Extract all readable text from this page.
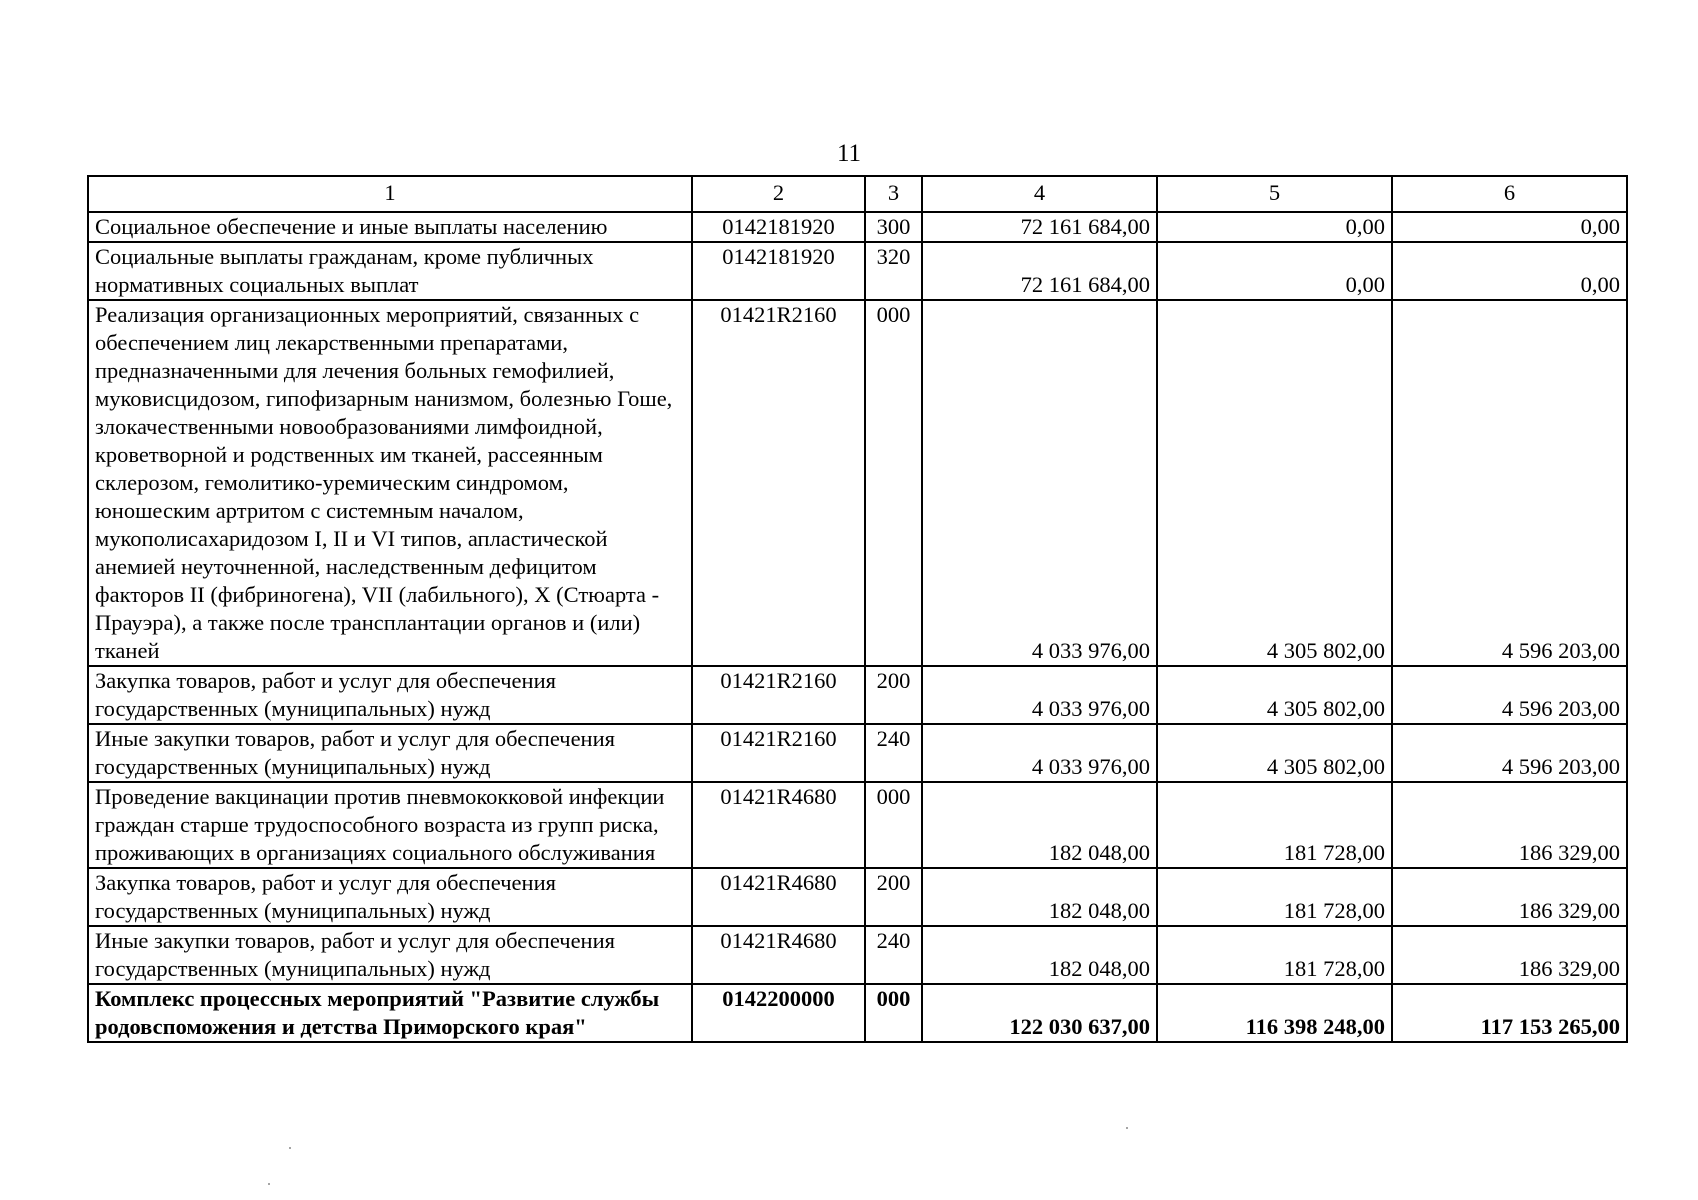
11
1	2	3	4	5	6
Социальное обеспечение и иные выплаты населению	0142181920	300	72 161 684,00	0,00	0,00
Социальные выплаты гражданам, кроме публичных нормативных социальных выплат	0142181920	320	72 161 684,00	0,00	0,00
Реализация организационных мероприятий, связанных с обеспечением лиц лекарственными препаратами, предназначенными для лечения больных гемофилией, муковисцидозом, гипофизарным нанизмом, болезнью Гоше, злокачественными новообразованиями лимфоидной, кроветворной и родственных им тканей, рассеянным склерозом, гемолитико-уремическим синдромом, юношеским артритом с системным началом, мукополисахаридозом I, II и VI типов, апластической анемией неуточненной, наследственным дефицитом факторов II (фибриногена), VII (лабильного), X (Стюарта - Прауэра), а также после трансплантации органов и (или) тканей	01421R2160	000	4 033 976,00	4 305 802,00	4 596 203,00
Закупка товаров, работ и услуг для обеспечения государственных (муниципальных) нужд	01421R2160	200	4 033 976,00	4 305 802,00	4 596 203,00
Иные закупки товаров, работ и услуг для обеспечения государственных (муниципальных) нужд	01421R2160	240	4 033 976,00	4 305 802,00	4 596 203,00
Проведение вакцинации против пневмококковой инфекции граждан старше трудоспособного возраста из групп риска, проживающих в организациях социального обслуживания	01421R4680	000	182 048,00	181 728,00	186 329,00
Закупка товаров, работ и услуг для обеспечения государственных (муниципальных) нужд	01421R4680	200	182 048,00	181 728,00	186 329,00
Иные закупки товаров, работ и услуг для обеспечения государственных (муниципальных) нужд	01421R4680	240	182 048,00	181 728,00	186 329,00
Комплекс процессных мероприятий "Развитие службы родовспоможения и детства Приморского края"	0142200000	000	122 030 637,00	116 398 248,00	117 153 265,00
